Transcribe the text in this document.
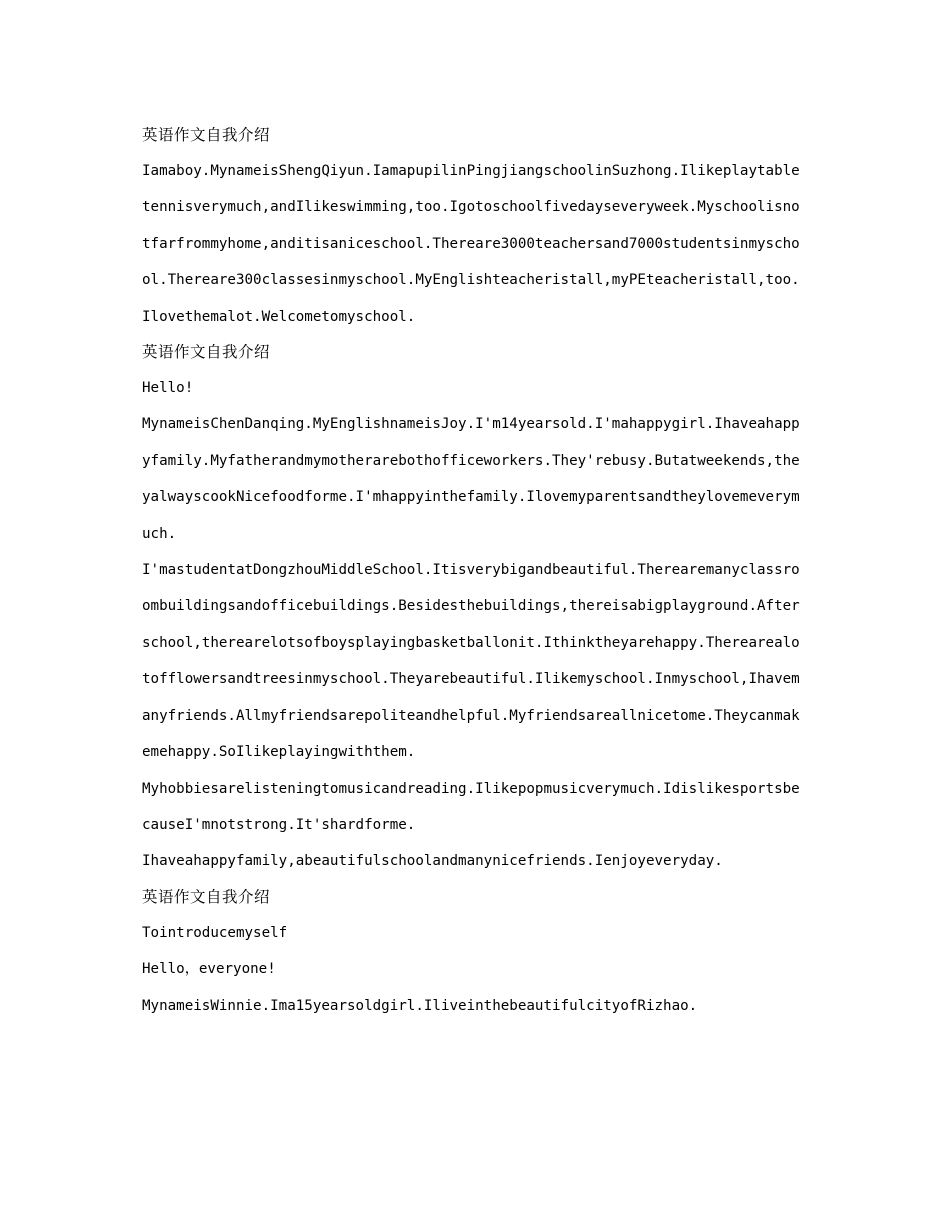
英语作文自我介绍

Iamaboy.MynameisShengQiyun.IamapupilinPingjiangschoolinSuzhong.Ilikeplaytabletennisverymuch,andIlikeswimming,too.Igotoschoolfivedayseveryweek.Myschoolisnotfarfrommyhome,anditisaniceschool.Thereare3000teachersand7000studentsinmyschool.Thereare300classesinmyschool.MyEnglishteacheristall,myPEteacheristall,too.Ilovethemalot.Welcometomyschool.

英语作文自我介绍

Hello!

MynameisChenDanqing.MyEnglishnameisJoy.I'm14yearsold.I'mahappygirl.Ihaveahappyfamily.Myfatherandmymotherarebothofficeworkers.They'rebusy.Butatweekends,theyalwayscookNicefoodforme.I'mhappyinthefamily.Ilovemyparentsandtheylovemeverymuch.

I'mastudentatDongzhouMiddleSchool.Itisverybigandbeautiful.Therearemanyclassroombuildingsandofficebuildings.Besidesthebuildings,thereisabigplayground.Afterschool,therearelotsofboysplayingbasketballonit.Ithinktheyarehappy.Therearealotofflowersandtreesinmyschool.Theyarebeautiful.Ilikemyschool.Inmyschool,Ihavemanyfriends.Allmyfriendsarepoliteandhelpful.Myfriendsareallnicetome.Theycanmakemehappy.SoIlikeplayingwiththem.

Myhobbiesarelisteningtomusicandreading.Ilikepopmusicverymuch.IdislikesportsbecauseI'mnotstrong.It'shardforme.

Ihaveahappyfamily,abeautifulschoolandmanynicefriends.Ienjoyeveryday.

英语作文自我介绍

Tointroducemyself

Hello，everyone!

MynameisWinnie.Ima15yearsoldgirl.IliveinthebeautifulcityofRizhao.
